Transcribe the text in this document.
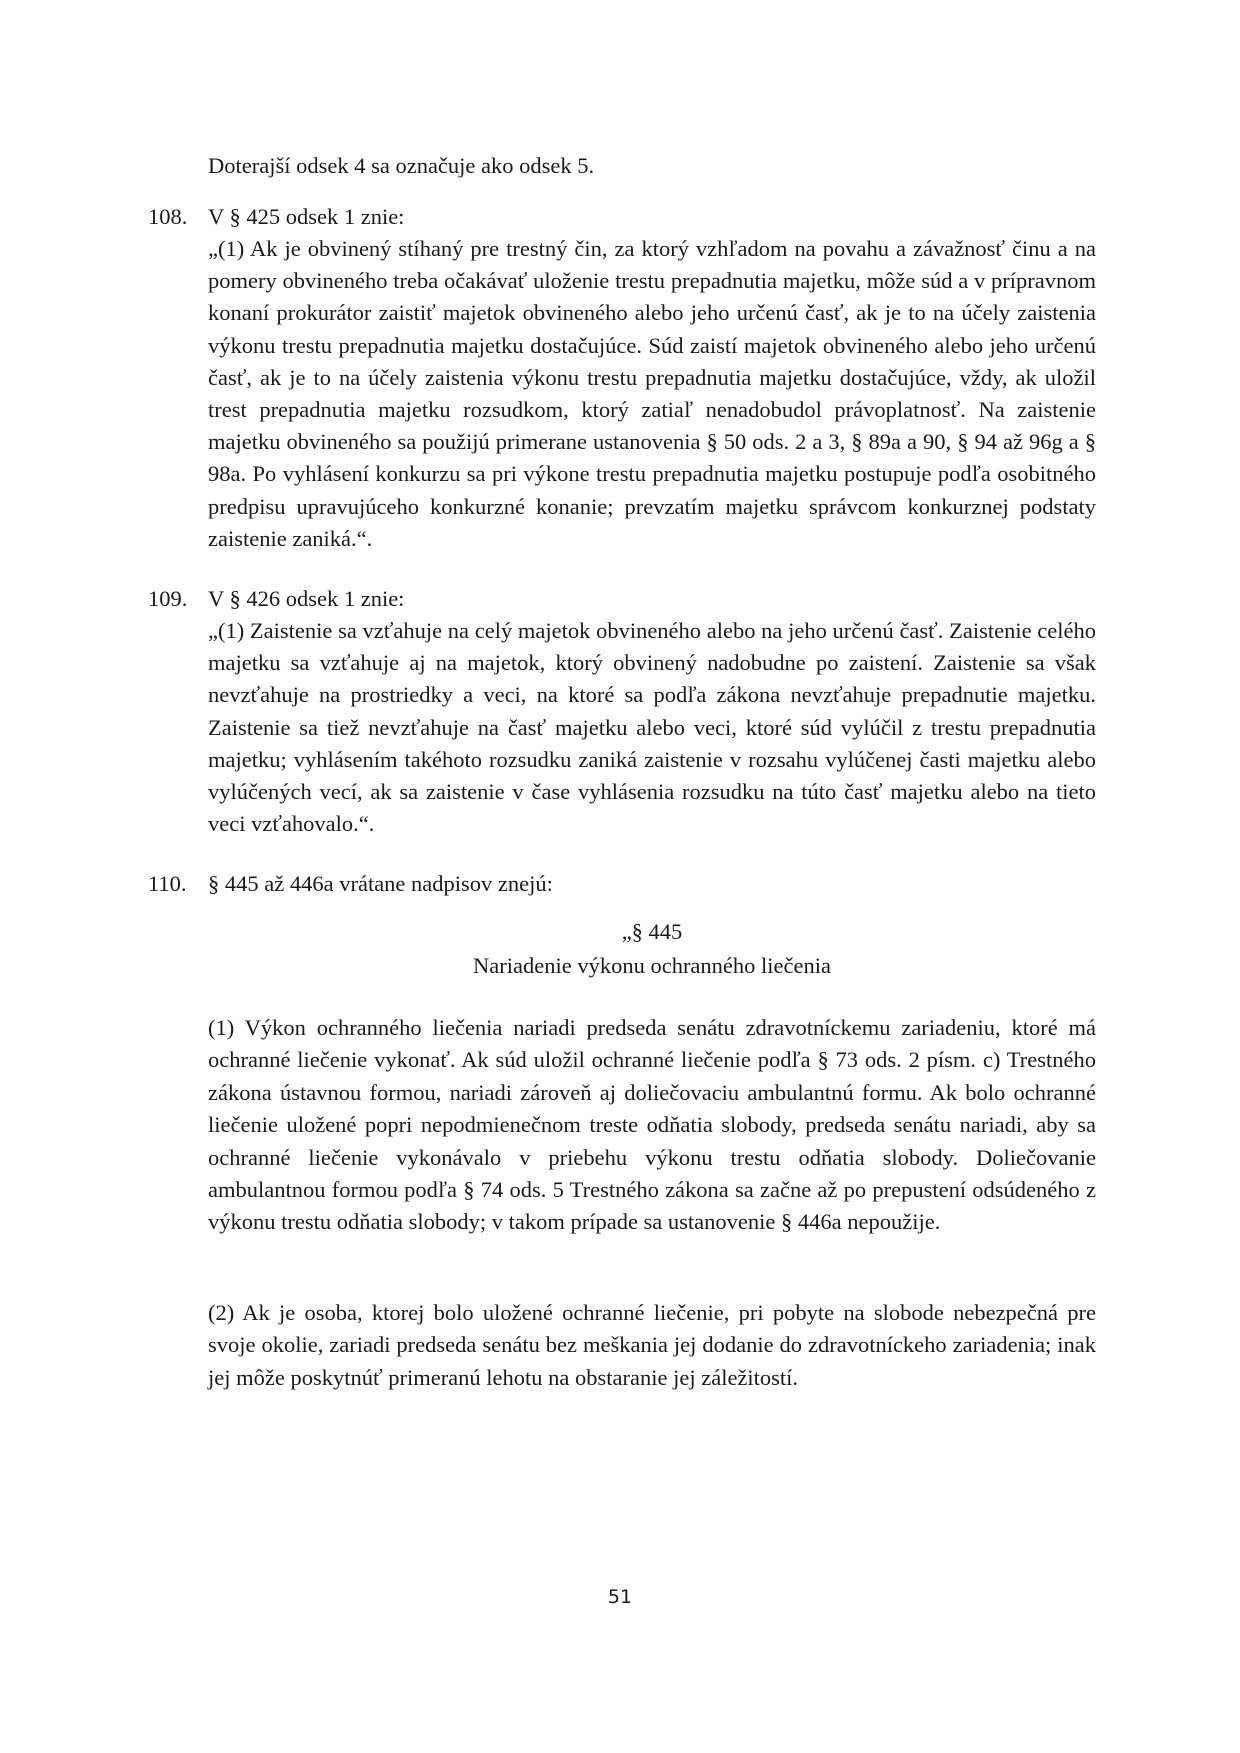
Doterajší odsek 4 sa označuje ako odsek 5.
108. V § 425 odsek 1 znie:
„(1) Ak je obvinený stíhaný pre trestný čin, za ktorý vzhľadom na povahu a závažnosť činu a na pomery obvineného treba očakávať uloženie trestu prepadnutia majetku, môže súd a v prípravnom konaní prokurátor zaistiť majetok obvineného alebo jeho určenú časť, ak je to na účely zaistenia výkonu trestu prepadnutia majetku dostačujúce. Súd zaistí majetok obvineného alebo jeho určenú časť, ak je to na účely zaistenia výkonu trestu prepadnutia majetku dostačujúce, vždy, ak uložil trest prepadnutia majetku rozsudkom, ktorý zatiaľ nenadobudol právoplatnosť. Na zaistenie majetku obvineného sa použijú primerane ustanovenia § 50 ods. 2 a 3, § 89a a 90, § 94 až 96g a § 98a. Po vyhlásení konkurzu sa pri výkone trestu prepadnutia majetku postupuje podľa osobitného predpisu upravujúceho konkurzné konanie; prevzatím majetku správcom konkurznej podstaty zaistenie zaniká.“.
109. V § 426 odsek 1 znie:
„(1) Zaistenie sa vzťahuje na celý majetok obvineného alebo na jeho určenú časť. Zaistenie celého majetku sa vzťahuje aj na majetok, ktorý obvinený nadobudne po zaistení. Zaistenie sa však nevzťahuje na prostriedky a veci, na ktoré sa podľa zákona nevzťahuje prepadnutie majetku. Zaistenie sa tiež nevzťahuje na časť majetku alebo veci, ktoré súd vylúčil z trestu prepadnutia majetku; vyhlásením takéhoto rozsudku zaniká zaistenie v rozsahu vylúčenej časti majetku alebo vylúčených vecí, ak sa zaistenie v čase vyhlásenia rozsudku na túto časť majetku alebo na tieto veci vzťahovalo.“.
110. § 445 až 446a vrátane nadpisov znejú:
„§ 445
Nariadenie výkonu ochranného liečenia
(1) Výkon ochranného liečenia nariadi predseda senátu zdravotníckemu zariadeniu, ktoré má ochranné liečenie vykonať. Ak súd uložil ochranné liečenie podľa § 73 ods. 2 písm. c) Trestného zákona ústavnou formou, nariadi zároveň aj doliečovaciu ambulantnú formu. Ak bolo ochranné liečenie uložené popri nepodmienečnom treste odňatia slobody, predseda senátu nariadi, aby sa ochranné liečenie vykonávalo v priebehu výkonu trestu odňatia slobody. Doliečovanie ambulantnou formou podľa § 74 ods. 5 Trestného zákona sa začne až po prepustení odsúdeného z výkonu trestu odňatia slobody; v takom prípade sa ustanovenie § 446a nepoužije.
(2) Ak je osoba, ktorej bolo uložené ochranné liečenie, pri pobyte na slobode nebezpečná pre svoje okolie, zariadi predseda senátu bez meškania jej dodanie do zdravotníckeho zariadenia; inak jej môže poskytnúť primeranú lehotu na obstaranie jej záležitostí.
51
